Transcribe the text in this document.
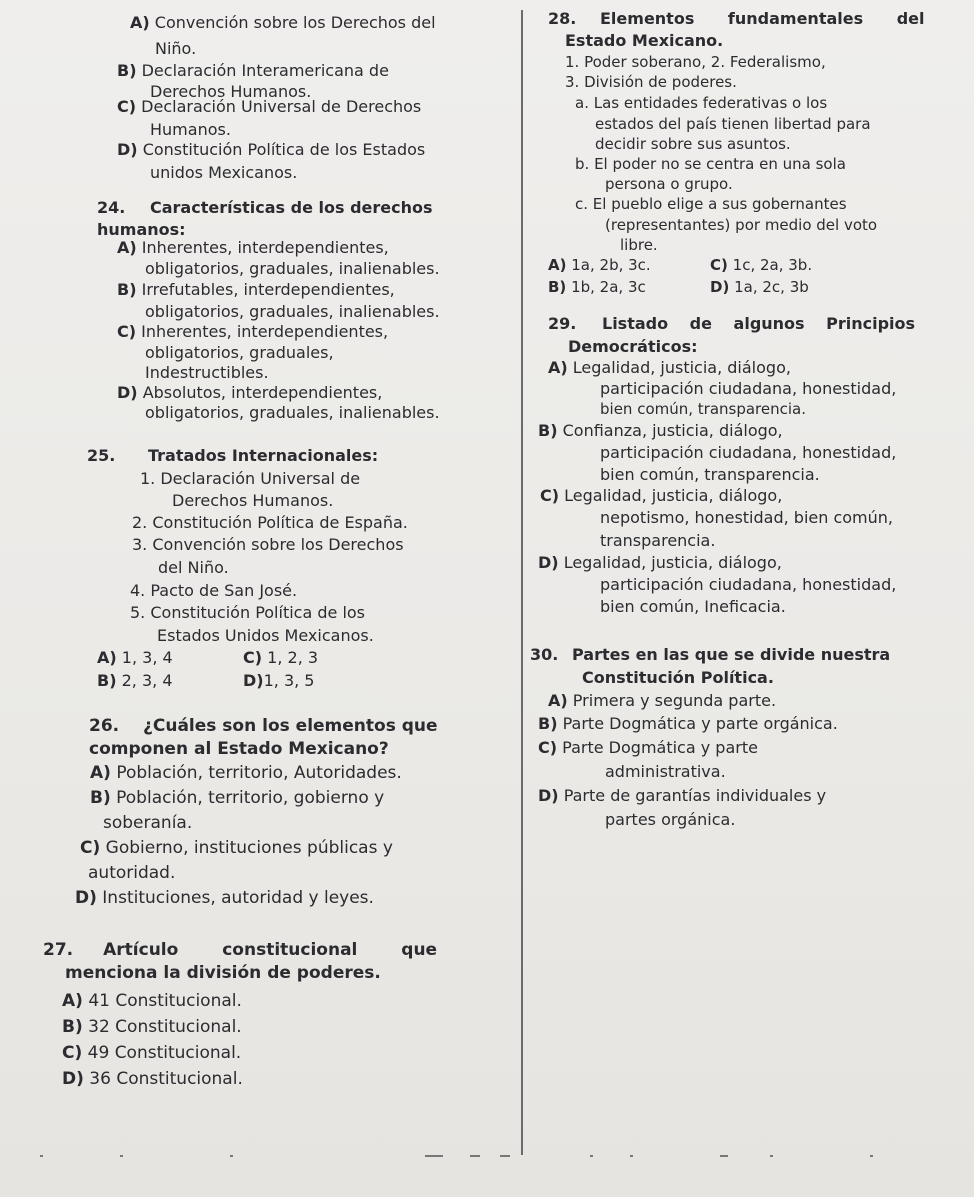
A) Convención sobre los Derechos del
Niño.
B) Declaración Interamericana de
Derechos Humanos.
C) Declaración Universal de Derechos
Humanos.
D) Constitución Política de los Estados
unidos Mexicanos.
24. Características de los derechos
humanos:
A) Inherentes, interdependientes,
obligatorios, graduales, inalienables.
B) Irrefutables, interdependientes,
obligatorios, graduales, inalienables.
C) Inherentes, interdependientes,
obligatorios, graduales,
Indestructibles.
D) Absolutos, interdependientes,
obligatorios, graduales, inalienables.
25. Tratados Internacionales:
1. Declaración Universal de
Derechos Humanos.
2. Constitución Política de España.
3. Convención sobre los Derechos
del Niño.
4. Pacto de San José.
5. Constitución Política de los
Estados Unidos Mexicanos.
A) 1, 3, 4	C) 1, 2, 3
B) 2, 3, 4	D)1, 3, 5
26. ¿Cuáles son los elementos que
componen al Estado Mexicano?
A) Población, territorio, Autoridades.
B) Población, territorio, gobierno y
soberanía.
C) Gobierno, instituciones públicas y
autoridad.
D) Instituciones, autoridad y leyes.
27. Artículo constitucional que
menciona la división de poderes.
A) 41 Constitucional.
B) 32 Constitucional.
C) 49 Constitucional.
D) 36 Constitucional.
28. Elementos fundamentales del
Estado Mexicano.
1. Poder soberano, 2. Federalismo,
3. División de poderes.
a. Las entidades federativas o los
estados del país tienen libertad para
decidir sobre sus asuntos.
b. El poder no se centra en una sola
persona o grupo.
c. El pueblo elige a sus gobernantes
(representantes) por medio del voto
libre.
A) 1a, 2b, 3c.	C) 1c, 2a, 3b.
B) 1b, 2a, 3c	D) 1a, 2c, 3b
29. Listado de algunos Principios
Democráticos:
A) Legalidad, justicia, diálogo,
participación ciudadana, honestidad,
bien común, transparencia.
B) Confianza, justicia, diálogo,
participación ciudadana, honestidad,
bien común, transparencia.
C) Legalidad, justicia, diálogo,
nepotismo, honestidad, bien común,
transparencia.
D) Legalidad, justicia, diálogo,
participación ciudadana, honestidad,
bien común, Ineficacia.
30. Partes en las que se divide nuestra
Constitución Política.
A) Primera y segunda parte.
B) Parte Dogmática y parte orgánica.
C) Parte Dogmática y parte
administrativa.
D) Parte de garantías individuales y
partes orgánica.
